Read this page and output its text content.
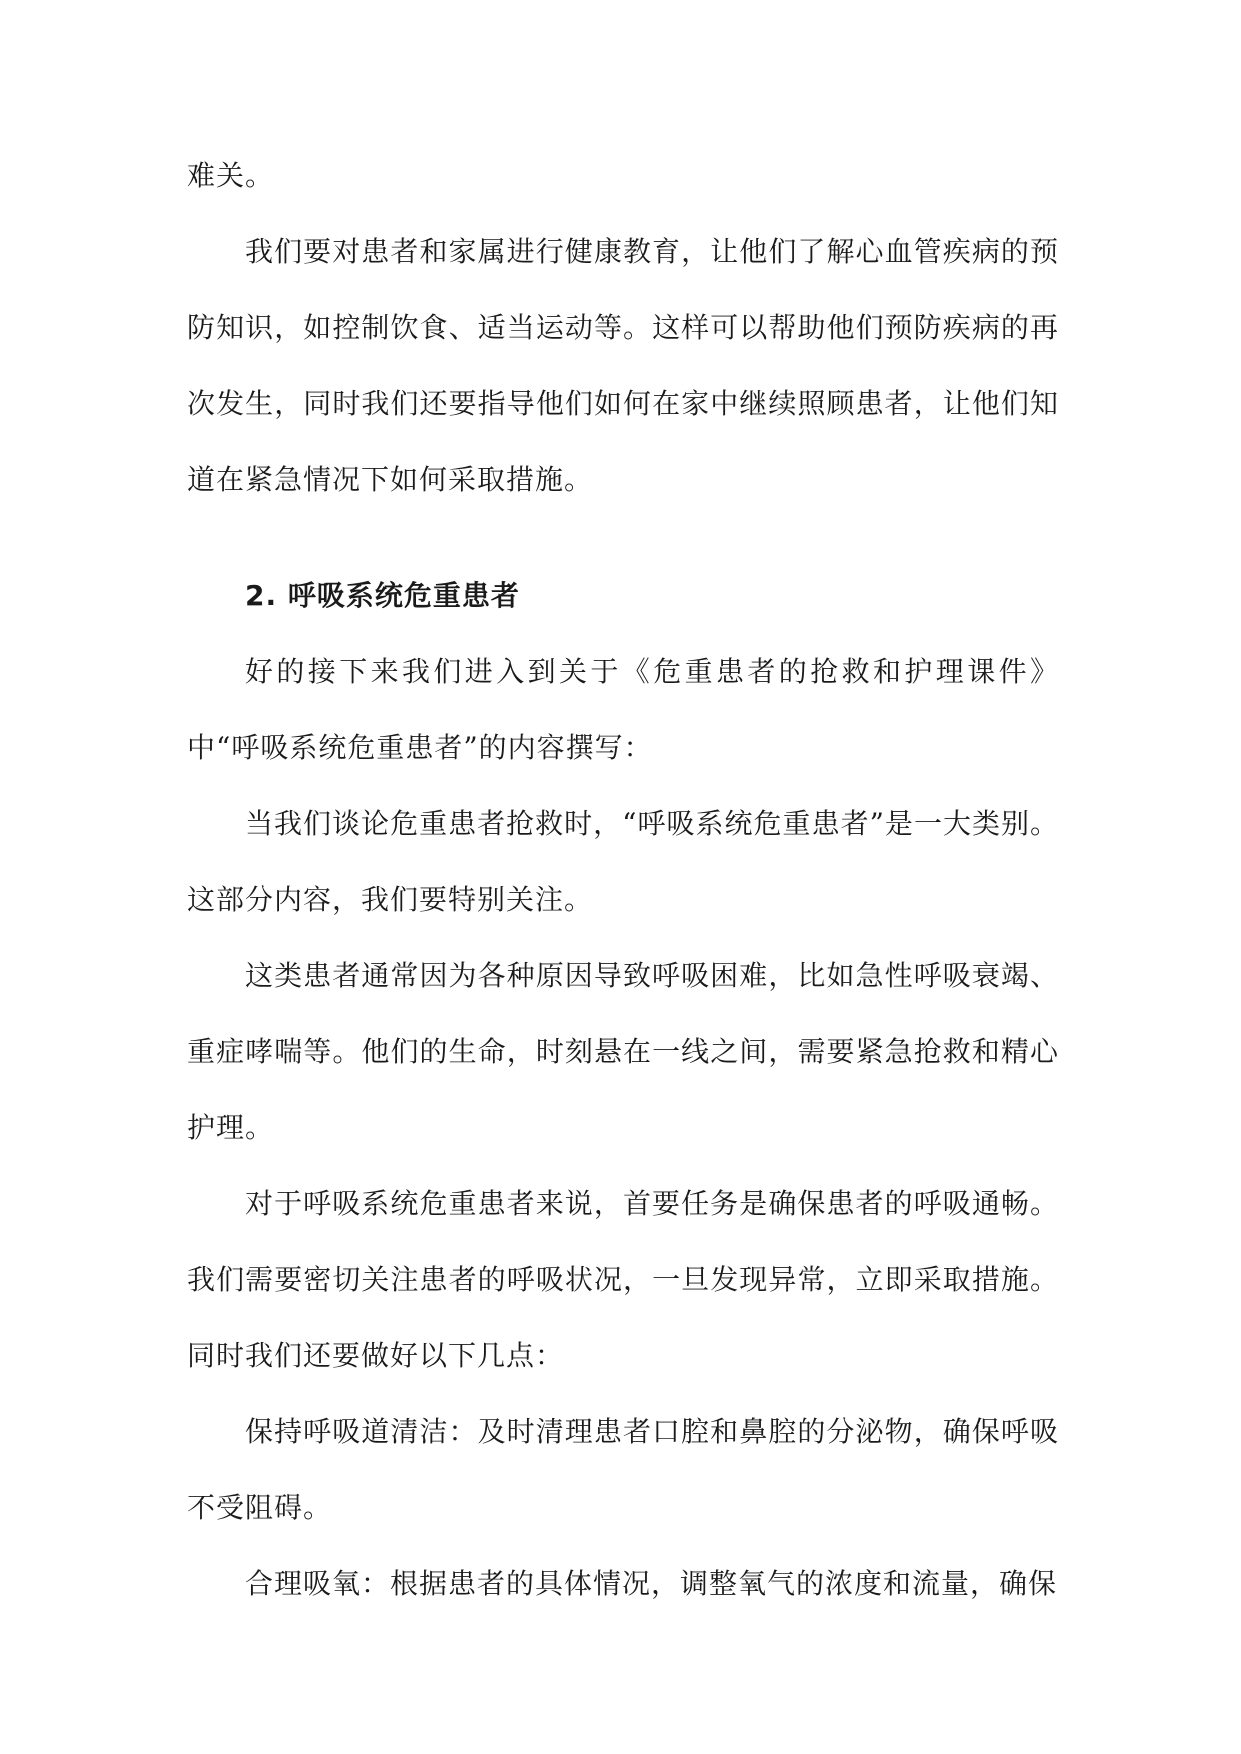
难关。

我们要对患者和家属进行健康教育，让他们了解心血管疾病的预防知识，如控制饮食、适当运动等。这样可以帮助他们预防疾病的再次发生，同时我们还要指导他们如何在家中继续照顾患者，让他们知道在紧急情况下如何采取措施。

2. 呼吸系统危重患者

好的接下来我们进入到关于《危重患者的抢救和护理课件》中“呼吸系统危重患者”的内容撰写：

当我们谈论危重患者抢救时，“呼吸系统危重患者”是一大类别。这部分内容，我们要特别关注。

这类患者通常因为各种原因导致呼吸困难，比如急性呼吸衰竭、重症哮喘等。他们的生命，时刻悬在一线之间，需要紧急抢救和精心护理。

对于呼吸系统危重患者来说，首要任务是确保患者的呼吸通畅。我们需要密切关注患者的呼吸状况，一旦发现异常，立即采取措施。同时我们还要做好以下几点：

保持呼吸道清洁：及时清理患者口腔和鼻腔的分泌物，确保呼吸不受阻碍。

合理吸氧：根据患者的具体情况，调整氧气的浓度和流量，确保
